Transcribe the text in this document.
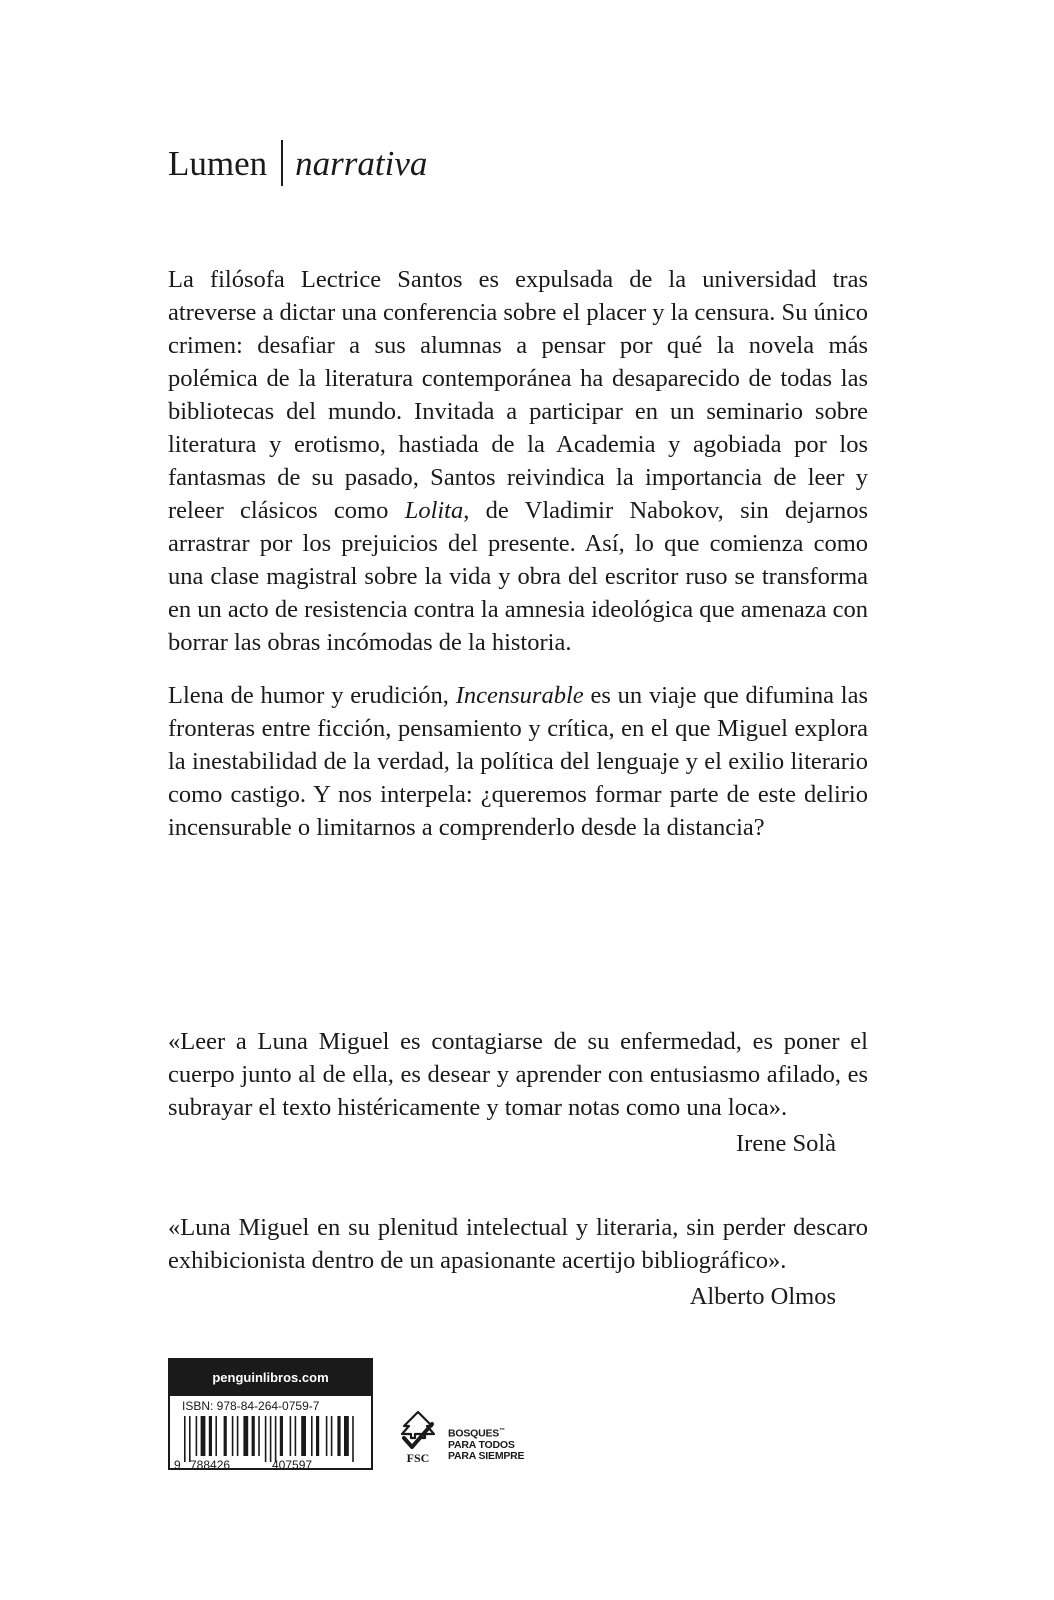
Lumen narrativa

La filósofa Lectrice Santos es expulsada de la universidad tras atreverse a dictar una conferencia sobre el placer y la censura. Su único crimen: desafiar a sus alumnas a pensar por qué la novela más polémica de la literatura contemporánea ha desaparecido de todas las bibliotecas del mundo. Invitada a participar en un seminario sobre literatura y erotismo, hastiada de la Academia y agobiada por los fantasmas de su pasado, Santos reivindica la importancia de leer y releer clásicos como Lolita, de Vladimir Nabokov, sin dejarnos arrastrar por los prejuicios del presente. Así, lo que comienza como una clase magistral sobre la vida y obra del escritor ruso se transforma en un acto de resistencia contra la amnesia ideológica que amenaza con borrar las obras incómodas de la historia.

Llena de humor y erudición, Incensurable es un viaje que difumina las fronteras entre ficción, pensamiento y crítica, en el que Miguel explora la inestabilidad de la verdad, la política del lenguaje y el exilio literario como castigo. Y nos interpela: ¿queremos formar parte de este delirio incensurable o limitarnos a comprenderlo desde la distancia?

«Leer a Luna Miguel es contagiarse de su enfermedad, es poner el cuerpo junto al de ella, es desear y aprender con entusiasmo afilado, es subrayar el texto histéricamente y tomar notas como una loca».

Irene Solà

«Luna Miguel en su plenitud intelectual y literaria, sin perder descaro exhibicionista dentro de un apasionante acertijo bibliográfico».

Alberto Olmos

penguinlibros.com
ISBN: 978-84-264-0759-7
9 788426	407597	FSC
BOSQUES™
PARA TODOS
PARA SIEMPRE
